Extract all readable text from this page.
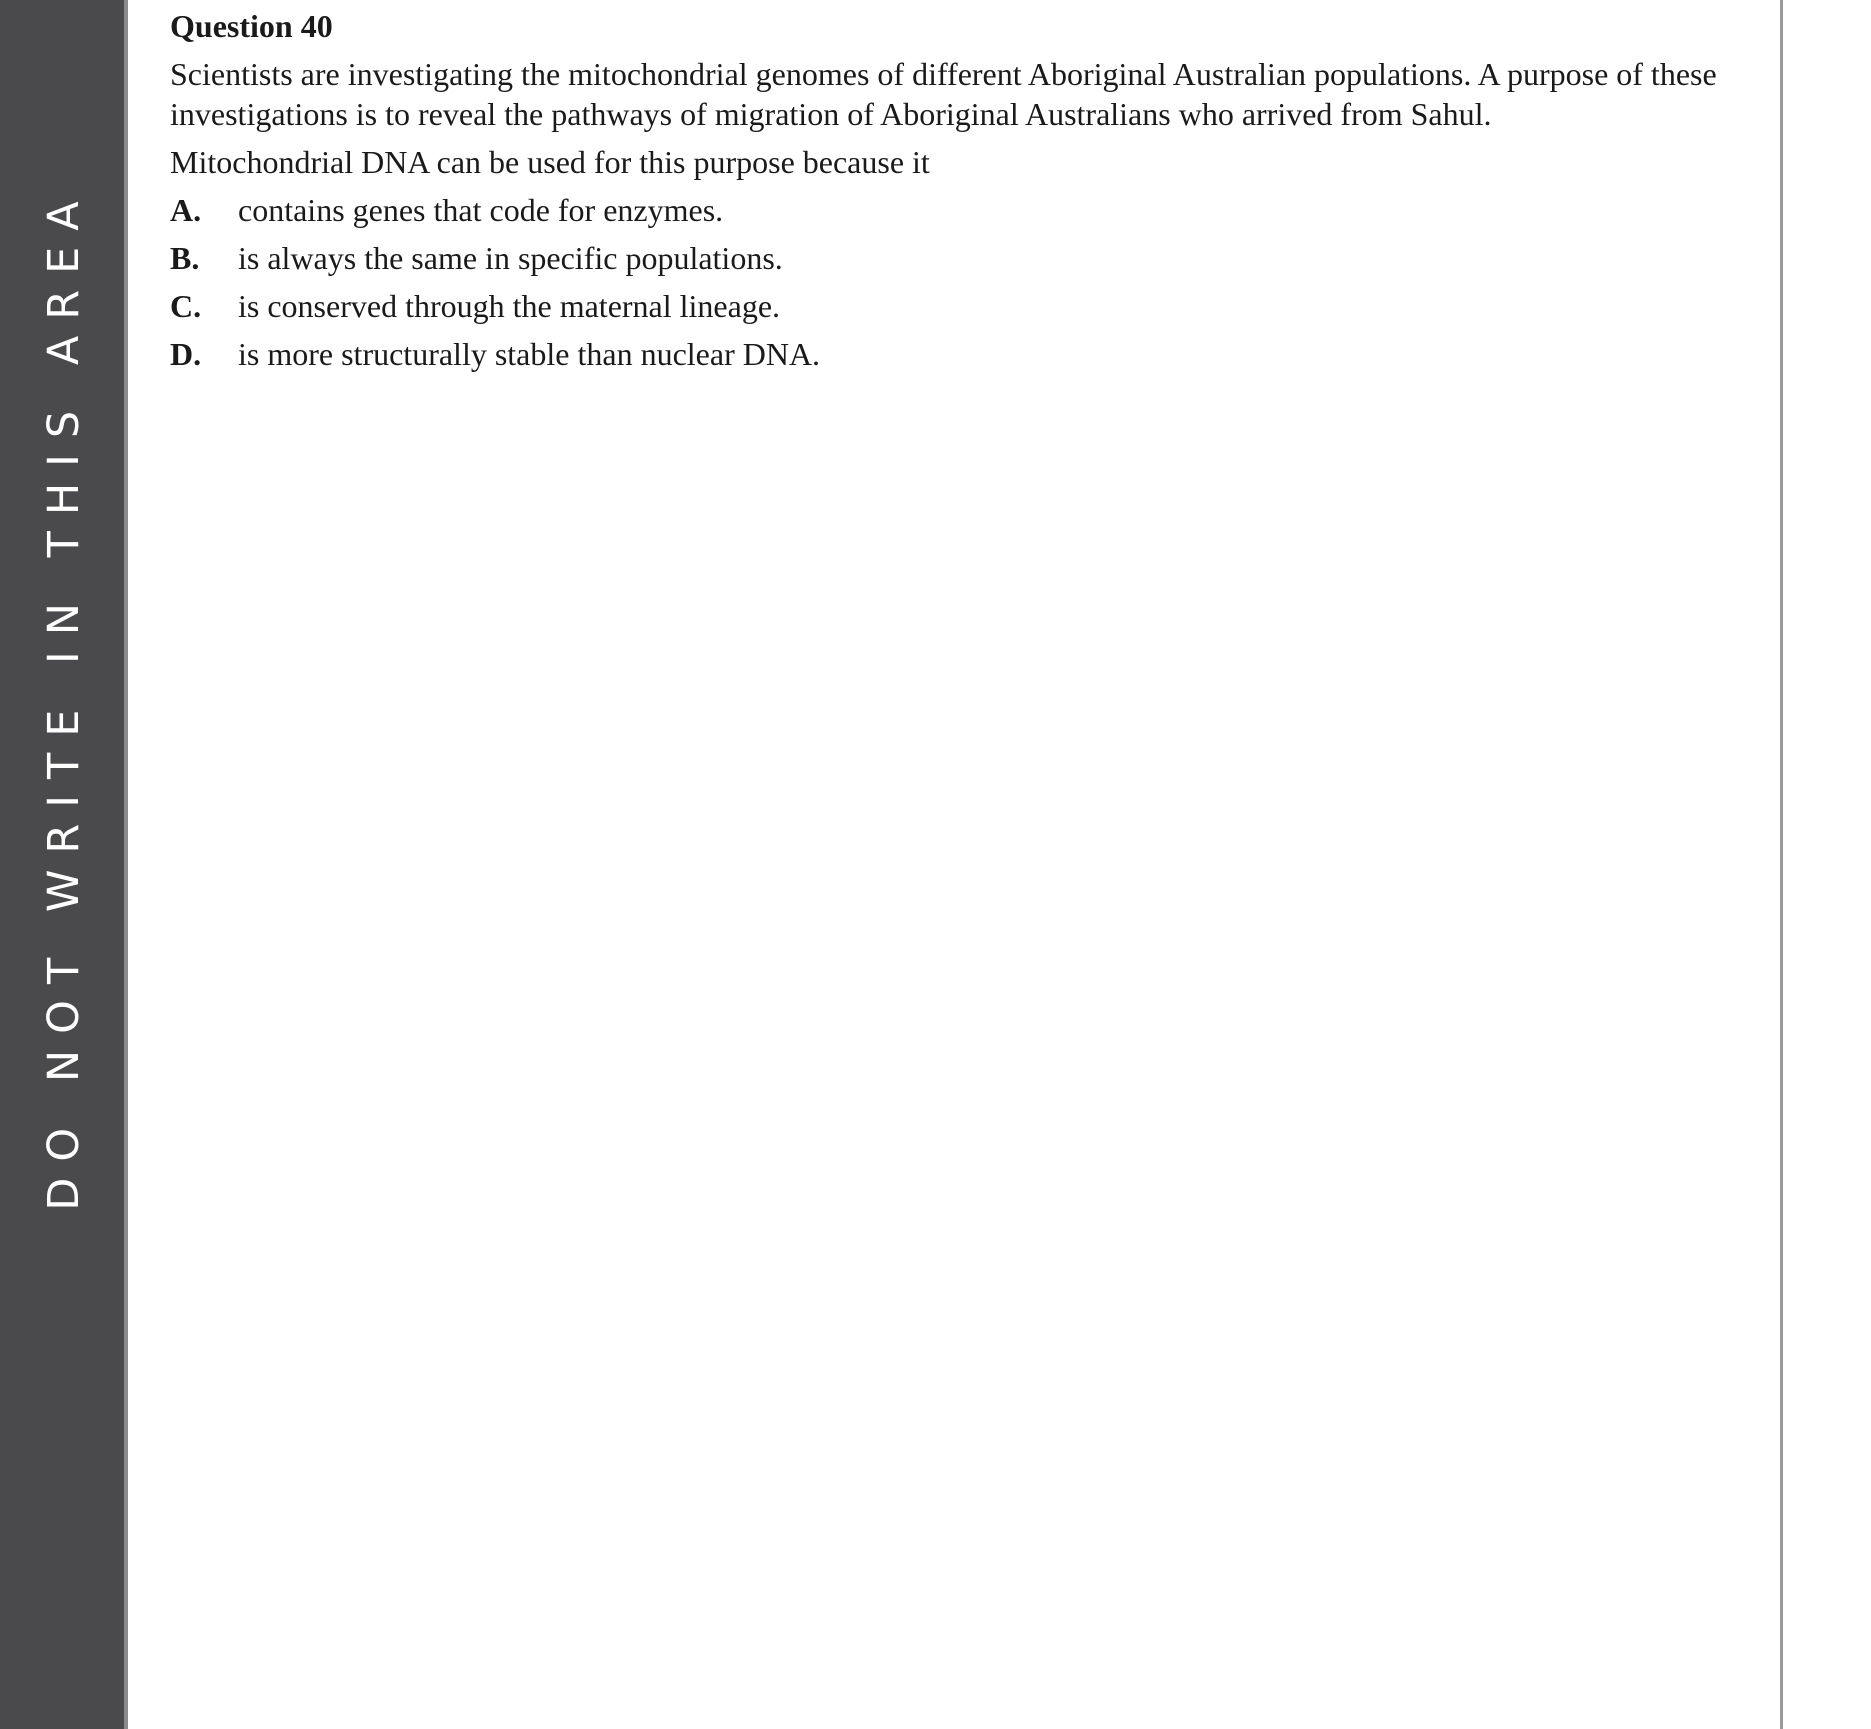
DO NOT WRITE IN THIS AREA
Question 40

Scientists are investigating the mitochondrial genomes of different Aboriginal Australian populations. A purpose of these investigations is to reveal the pathways of migration of Aboriginal Australians who arrived from Sahul.

Mitochondrial DNA can be used for this purpose because it

A. contains genes that code for enzymes.
B. is always the same in specific populations.
C. is conserved through the maternal lineage.
D. is more structurally stable than nuclear DNA.
